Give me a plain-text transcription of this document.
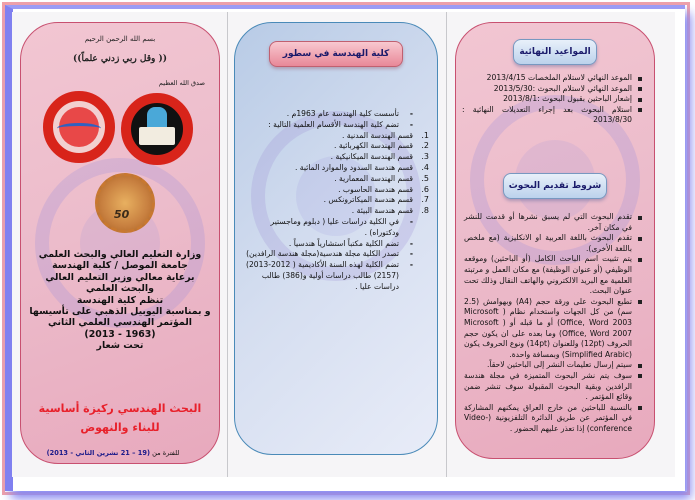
بسم الله الرحمن الرحيم
((وقل ربي زدني علماً ))
صدق الله العظيم
50
وزارة التعليم العالي والبحث العلمي
جامعة الموصل / كلية الهندسة
برعاية معالي وزير التعليم العالي
والبحث العلمي
تنظم كلية الهندسة
و بمناسبة اليوبيل الذهبي على تأسيسها
المؤتمر الهندسي العلمي الثاني
(1963 - 2013)
تحت شعار
البحث الهندسي ركيزة أساسية
للبناء والنهوض
للفترة من (19 – 21 تشرين الثاني - 2013)
كلية الهندسة في سطور
- تأسست كلية الهندسة عام 1963م .
- تضم كلية الهندسة الأقسام العلمية التالية :
1.
قسم الهندسة المدنية .
2.
قسم الهندسة الكهربائية .
3.
قسم الهندسة الميكانيكية .
4.
قسم هندسة السدود والموارد المائية .
5.
قسم الهندسة المعمارية .
6.
قسم هندسة الحاسوب .
7.
قسم هندسة الميكاترونكس .
8.
قسم هندسة البيئة .
- في الكلية دراسات عليا ( دبلوم وماجستير ودكتوراه) .
- تضم الكلية مكتباً استشارياً هندسياً .
- تصدر الكلية مجلة هندسية(مجلة هندسة الرافدين)
- تضم الكلية لهذه السنة الأكاديمية ( 2012-2013) (2157) طالب دراسات أولية و(386) طالب دراسات عليا .
المواعيد النهائية
الموعد النهائي لاستلام الملخصات 2013/4/15
الموعد النهائي لاستلام البحوث :2013/5/30
إشعار الباحثين بقبول البحوث :2013/8/1
استلام البحوث بعد إجراء التعديلات النهائية : 2013/8/30
شروط تقديم البحوث
تقدم البحوث التي لم يسبق نشرها أو قدمت للنشر في مكان آخر.
تقدم البحوث باللغة العربية او الانكليزية (مع ملخص باللغة الأخرى).
يتم تثبيت اسم الباحث الكامل (أو الباحثين) وموقعه الوظيفي (أو عنوان الوظيفة) مع مكان العمل و مرتبته العلمية مع البريد الالكتروني والهاتف النقال وذلك تحت عنوان البحث.
تطبع البحوث على ورقة حجم (A4) وبهوامش (2.5 سم) من كل الجهات واستخدام نظام ( Microsoft Office, Word 2003) أو ما قبله أو ( Microsoft Office, Word 2007) وما بعده على ان يكون حجم الحروف (12pt) وللعنوان (14pt) ونوع الحروف يكون (Simplified Arabic) وبمسافة واحدة.
سيتم إرسال تعليمات النشر إلى الباحثين لاحقاً.
سوف يتم نشر البحوث المتميزة في مجلة هندسة الرافدين وبقية البحوث المقبولة سوف تنشر ضمن وقائع المؤتمر .
بالنسبة للباحثين من خارج العراق يمكنهم المشاركة في المؤتمر عن طريق الدائرة التلفزيونية (Video-conference) إذا تعذر عليهم الحضور .
